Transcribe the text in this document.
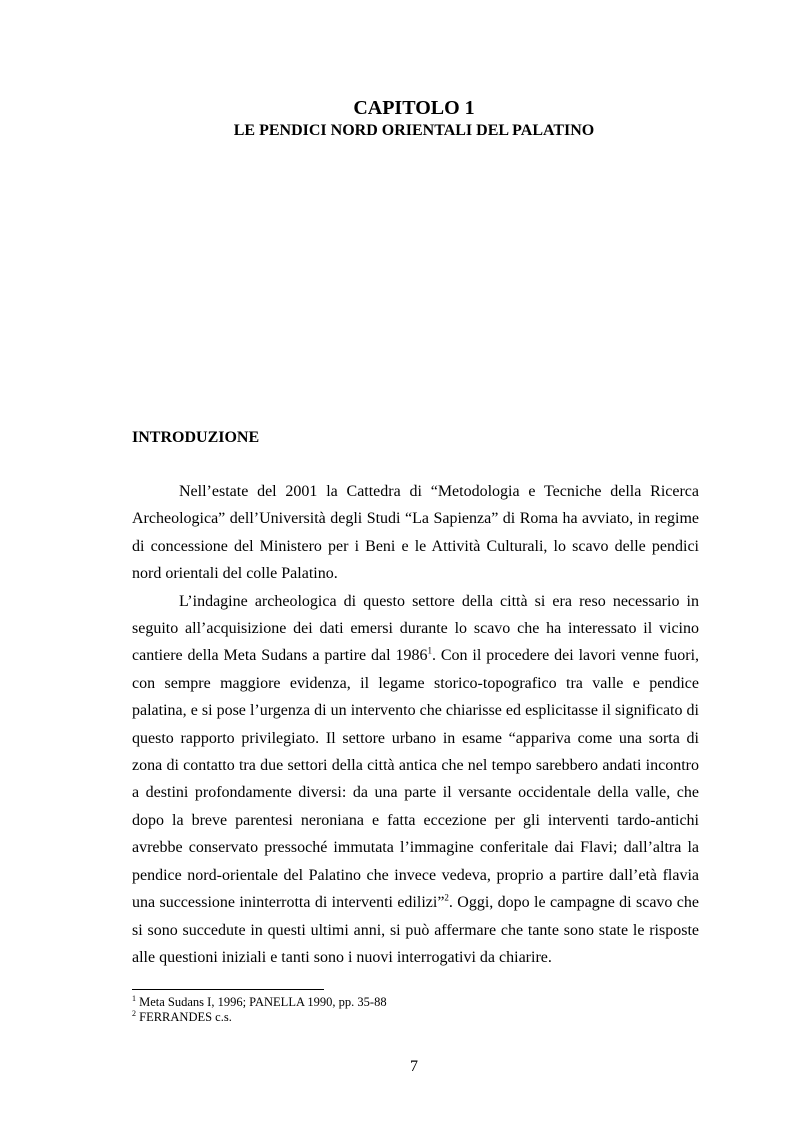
CAPITOLO 1
LE PENDICI NORD ORIENTALI DEL PALATINO
INTRODUZIONE

Nell’estate del 2001 la Cattedra di “Metodologia e Tecniche della Ricerca Archeologica” dell’Università degli Studi “La Sapienza” di Roma ha avviato, in regime di concessione del Ministero per i Beni e le Attività Culturali, lo scavo delle pendici nord orientali del colle Palatino.

L’indagine archeologica di questo settore della città si era reso necessario in seguito all’acquisizione dei dati emersi durante lo scavo che ha interessato il vicino cantiere della Meta Sudans a partire dal 1986$^1$. Con il procedere dei lavori venne fuori, con sempre maggiore evidenza, il legame storico-topografico tra valle e pendice palatina, e si pose l’urgenza di un intervento che chiarisse ed esplicitasse il significato di questo rapporto privilegiato. Il settore urbano in esame “appariva come una sorta di zona di contatto tra due settori della città antica che nel tempo sarebbero andati incontro a destini profondamente diversi: da una parte il versante occidentale della valle, che dopo la breve parentesi neroniana e fatta eccezione per gli interventi tardo-antichi avrebbe conservato pressoché immutata l’immagine conferitale dai Flavi; dall’altra la pendice nord-orientale del Palatino che invece vedeva, proprio a partire dall’età flavia una successione ininterrotta di interventi edilizi”$^2$. Oggi, dopo le campagne di scavo che si sono succedute in questi ultimi anni, si può affermare che tante sono state le risposte alle questioni iniziali e tanti sono i nuovi interrogativi da chiarire.

$^1$ Meta Sudans I, 1996; PANELLA 1990, pp. 35-88
$^2$ FERRANDES c.s.
7
